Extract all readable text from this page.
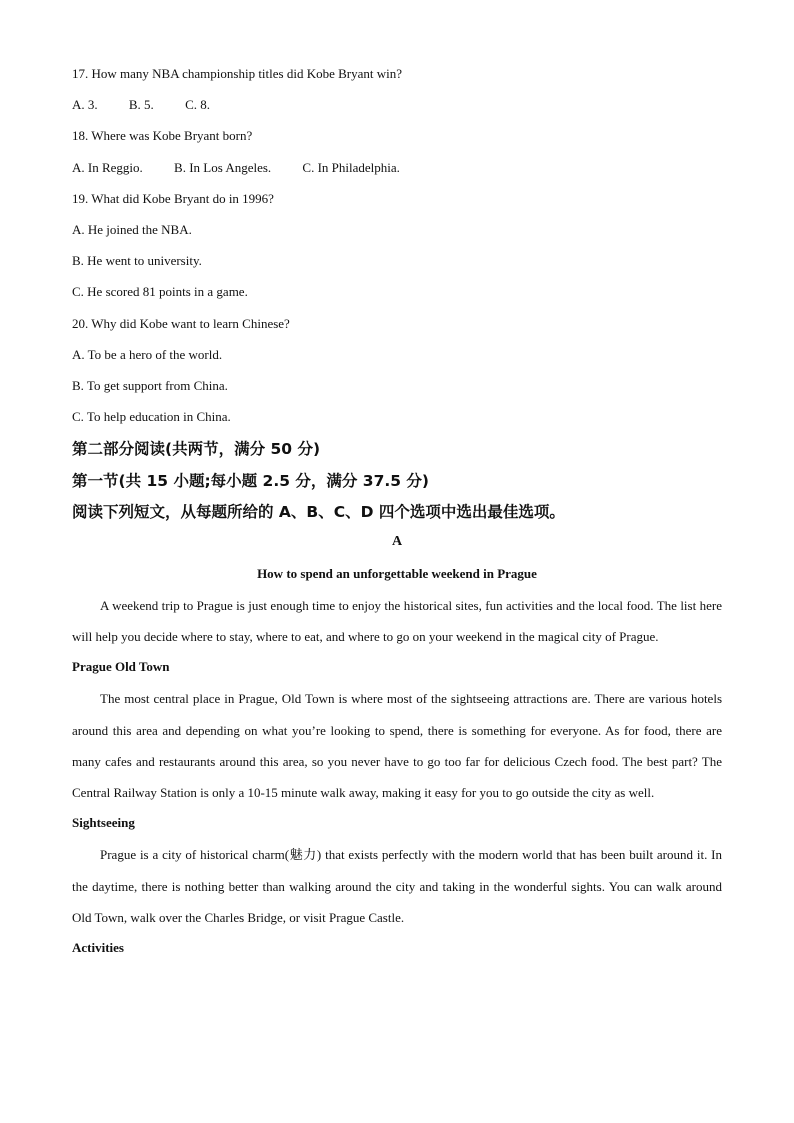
17. How many NBA championship titles did Kobe Bryant win?
A. 3. B. 5. C. 8.
18. Where was Kobe Bryant born?
A. In Reggio. B. In Los Angeles. C. In Philadelphia.
19. What did Kobe Bryant do in 1996?
A. He joined the NBA.
B. He went to university.
C. He scored 81 points in a game.
20. Why did Kobe want to learn Chinese?
A. To be a hero of the world.
B. To get support from China.
C. To help education in China.
第二部分阅读(共两节，满分 50 分)
第一节(共 15 小题;每小题 2.5 分，满分 37.5 分)
阅读下列短文，从每题所给的 A、B、C、D 四个选项中选出最佳选项。
A
How to spend an unforgettable weekend in Prague
A weekend trip to Prague is just enough time to enjoy the historical sites, fun activities and the local food. The list here will help you decide where to stay, where to eat, and where to go on your weekend in the magical city of Prague.
Prague Old Town
The most central place in Prague, Old Town is where most of the sightseeing attractions are. There are various hotels around this area and depending on what you’re looking to spend, there is something for everyone. As for food, there are many cafes and restaurants around this area, so you never have to go too far for delicious Czech food. The best part? The Central Railway Station is only a 10-15 minute walk away, making it easy for you to go outside the city as well.
Sightseeing
Prague is a city of historical charm(魅力) that exists perfectly with the modern world that has been built around it. In the daytime, there is nothing better than walking around the city and taking in the wonderful sights. You can walk around Old Town, walk over the Charles Bridge, or visit Prague Castle.
Activities
